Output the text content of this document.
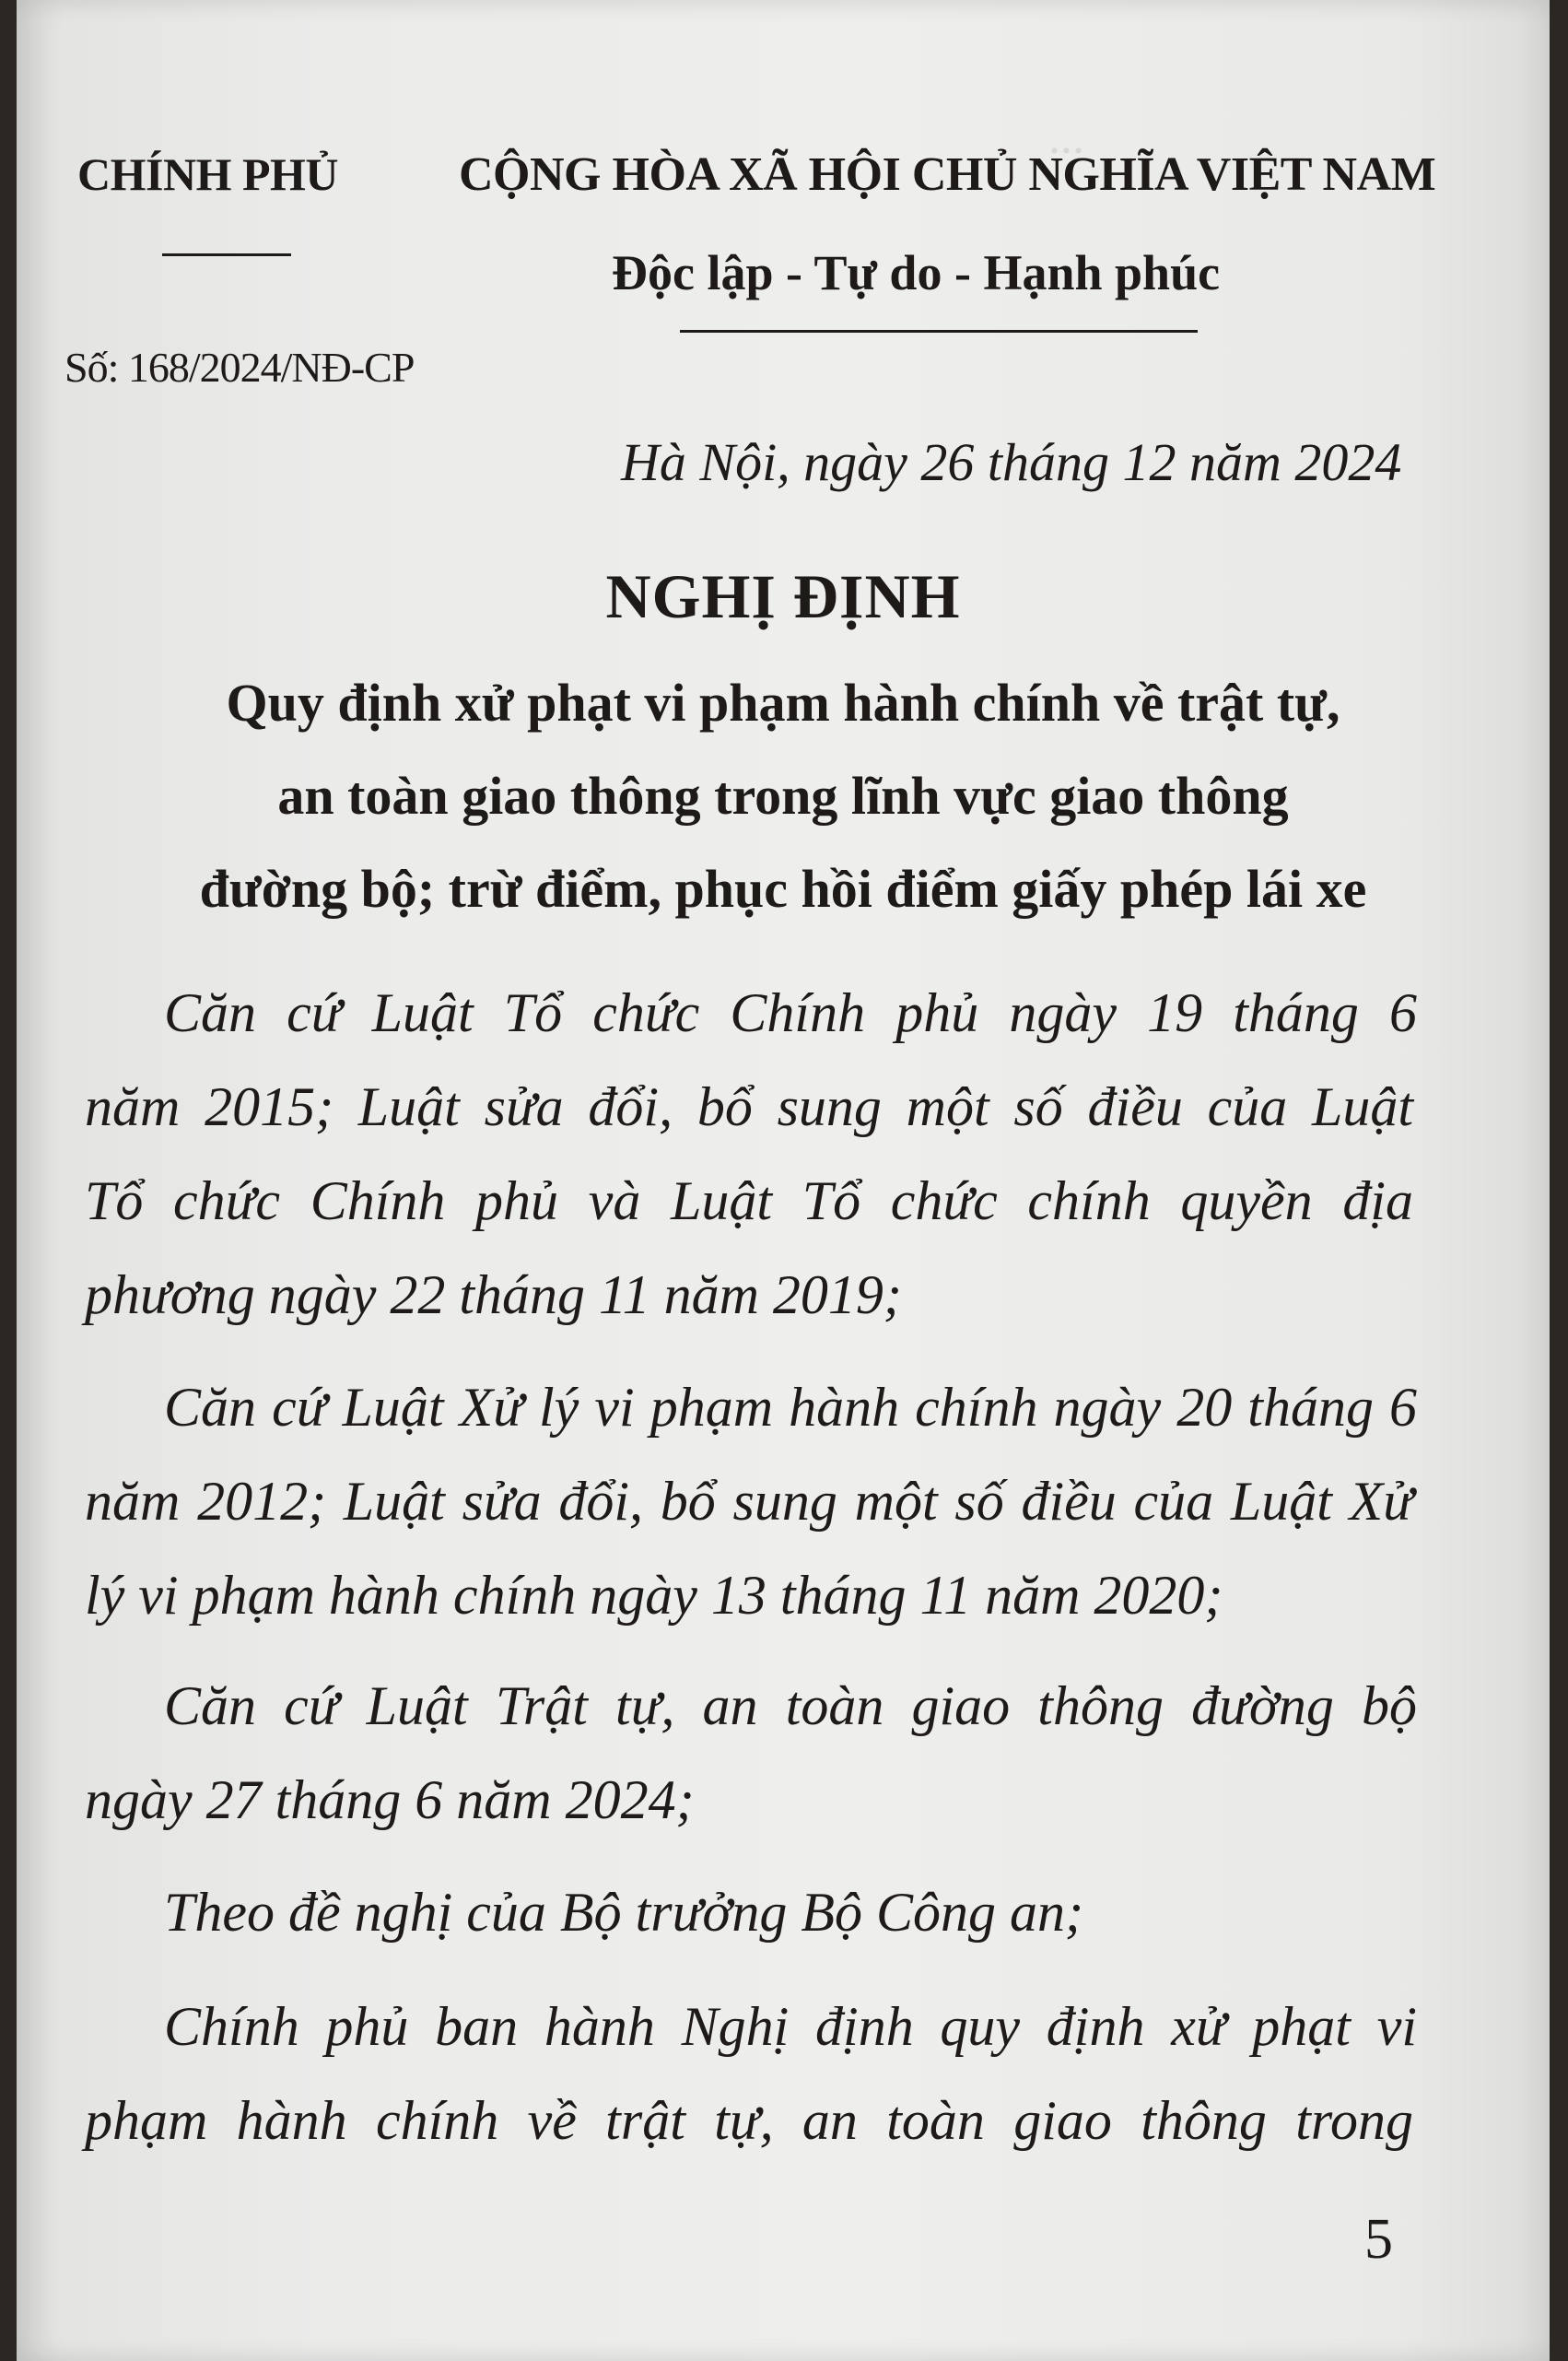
...
CHÍNH PHỦ	CỘNG HÒA XÃ HỘI CHỦ NGHĨA VIỆT NAM
Độc lập - Tự do - Hạnh phúc
Số: 168/2024/NĐ-CP
Hà Nội, ngày 26 tháng 12 năm 2024
NGHỊ ĐỊNH
Quy định xử phạt vi phạm hành chính về trật tự,
an toàn giao thông trong lĩnh vực giao thông
đường bộ; trừ điểm, phục hồi điểm giấy phép lái xe
Căn cứ Luật Tổ chức Chính phủ ngày 19 tháng 6
năm 2015; Luật sửa đổi, bổ sung một số điều của Luật
Tổ chức Chính phủ và Luật Tổ chức chính quyền địa
phương ngày 22 tháng 11 năm 2019;
Căn cứ Luật Xử lý vi phạm hành chính ngày 20 tháng 6
năm 2012; Luật sửa đổi, bổ sung một số điều của Luật Xử
lý vi phạm hành chính ngày 13 tháng 11 năm 2020;
Căn cứ Luật Trật tự, an toàn giao thông đường bộ
ngày 27 tháng 6 năm 2024;
Theo đề nghị của Bộ trưởng Bộ Công an;
Chính phủ ban hành Nghị định quy định xử phạt vi
phạm hành chính về trật tự, an toàn giao thông trong
5
